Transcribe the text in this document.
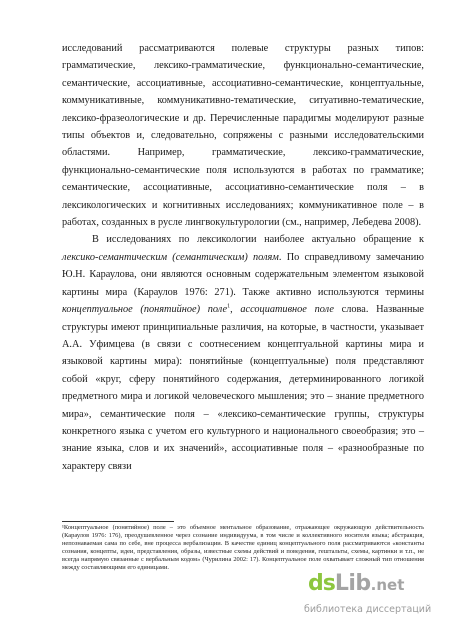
исследований рассматриваются полевые структуры разных типов: грамматические, лексико-грамматические, функционально-семантические, семантические, ассоциативные, ассоциативно-семантические, концептуальные, коммуникативные, коммуникативно-тематические, ситуативно-тематические, лексико-фразеологические и др. Перечисленные парадигмы моделируют разные типы объектов и, следовательно, сопряжены с разными исследовательскими областями. Например, грамматические, лексико-грамматические, функционально-семантические поля используются в работах по грамматике; семантические, ассоциативные, ассоциативно-семантические поля – в лексикологических и когнитивных исследованиях; коммуникативное поле – в работах, созданных в русле лингвокультурологии (см., например, Лебедева 2008).

В исследованиях по лексикологии наиболее актуально обращение к лексико-семантическим (семантическим) полям. По справедливому замечанию Ю.Н. Караулова, они являются основным содержательным элементом языковой картины мира (Караулов 1976: 271). Также активно используются термины концептуальное (понятийное) поле$^1$, ассоциативное поле слова. Названные структуры имеют принципиальные различия, на которые, в частности, указывает А.А. Уфимцева (в связи с соотнесением концептуальной картины мира и языковой картины мира): понятийные (концептуальные) поля представляют собой «круг, сферу понятийного содержания, детерминированного логикой предметного мира и логикой человеческого мышления; это – знание предметного мира», семантические поля – «лексико-семантические группы, структуры конкретного языка с учетом его культурного и национального своеобразия; это – знание языка, слов и их значений», ассоциативные поля – «разнообразные по характеру связи

¹Концептуальное (понятийное) поле – это объемное ментальное образование, отражающее окружающую действительность (Караулов 1976: 176), преодушевленное через сознание индивидуума, в том числе и коллективного носителя языка; абстракция, непознаваемая сама по себе, вне процесса вербализации. В качестве единиц концептуального поля рассматриваются «константы сознания, концепты, идеи, представления, образы, известные схемы действий и поведения, гештальты, схемы, картинки и т.п., не всегда напрямую связанные с вербальным кодом» (Чурилина 2002: 17). Концептуальное поле охватывает сложный тип отношения между составляющими его единицами.
ds Lib .net
библиотека диссертаций
